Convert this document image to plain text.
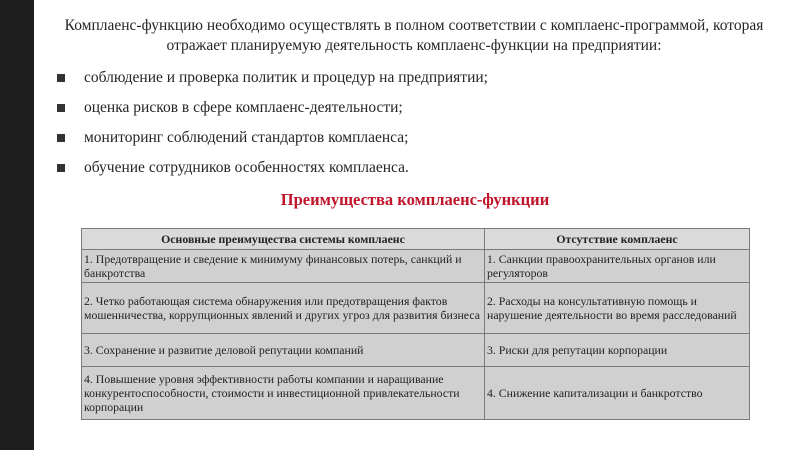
Комплаенс-функцию необходимо осуществлять в полном соответствии с комплаенс-программой, которая отражает планируемую деятельность комплаенс-функции на предприятии:
соблюдение и проверка политик и процедур на предприятии;
оценка рисков в сфере комплаенс-деятельности;
мониторинг соблюдений стандартов комплаенса;
обучение сотрудников особенностях комплаенса.
Преимущества комплаенс-функции
Основные преимущества системы комплаенс	Отсутствие комплаенс
1. Предотвращение и сведение к минимуму финансовых потерь, санкций и банкротства	1. Санкции правоохранительных органов или регуляторов
2. Четко работающая система обнаружения или предотвращения фактов мошенничества, коррупционных явлений и других угроз для развития бизнеса	2. Расходы на консультативную помощь и нарушение деятельности во время расследований
3. Сохранение и развитие деловой репутации компаний	3. Риски для репутации корпорации
4. Повышение уровня эффективности работы компании и наращивание конкурентоспособности, стоимости и инвестиционной привлекательности корпорации	4. Снижение капитализации и банкротство
